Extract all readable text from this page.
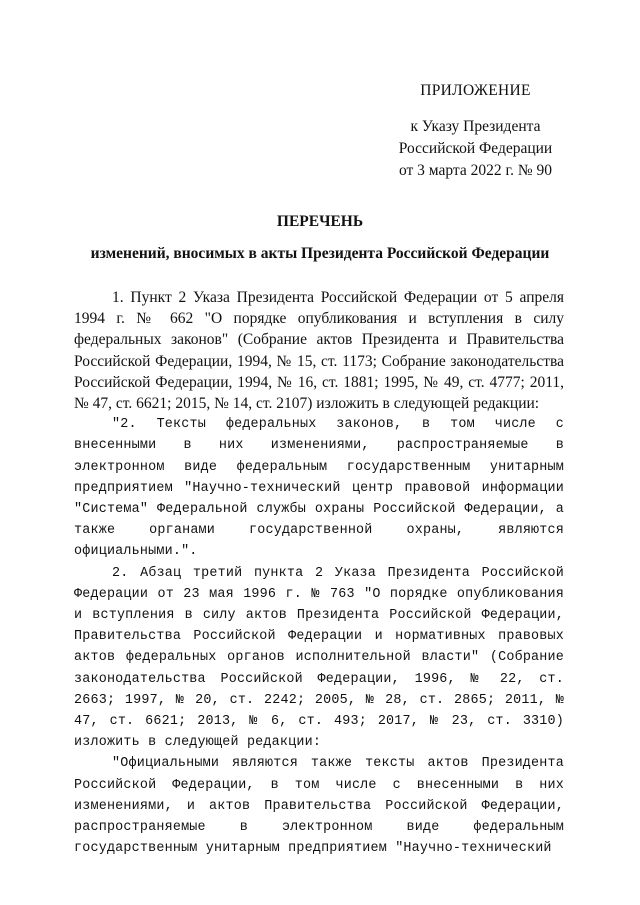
ПРИЛОЖЕНИЕ
к Указу Президента
Российской Федерации
от 3 марта 2022 г. № 90
ПЕРЕЧЕНЬ
изменений, вносимых в акты Президента Российской Федерации

1. Пункт 2 Указа Президента Российской Федерации от 5 апреля 1994 г. № 662 "О порядке опубликования и вступления в силу федеральных законов" (Собрание актов Президента и Правительства Российской Федерации, 1994, № 15, ст. 1173; Собрание законодательства Российской Федерации, 1994, № 16, ст. 1881; 1995, № 49, ст. 4777; 2011, № 47, ст. 6621; 2015, № 14, ст. 2107) изложить в следующей редакции:

"2. Тексты федеральных законов, в том числе с внесенными в них изменениями, распространяемые в электронном виде федеральным государственным унитарным предприятием "Научно-технический центр правовой информации "Система" Федеральной службы охраны Российской Федерации, а также органами государственной охраны, являются официальными.".

2. Абзац третий пункта 2 Указа Президента Российской Федерации от 23 мая 1996 г. № 763 "О порядке опубликования и вступления в силу актов Президента Российской Федерации, Правительства Российской Федерации и нормативных правовых актов федеральных органов исполнительной власти" (Собрание законодательства Российской Федерации, 1996, № 22, ст. 2663; 1997, № 20, ст. 2242; 2005, № 28, ст. 2865; 2011, № 47, ст. 6621; 2013, № 6, ст. 493; 2017, № 23, ст. 3310) изложить в следующей редакции:

"Официальными являются также тексты актов Президента Российской Федерации, в том числе с внесенными в них изменениями, и актов Правительства Российской Федерации, распространяемые в электронном виде федеральным государственным унитарным предприятием "Научно-технический
